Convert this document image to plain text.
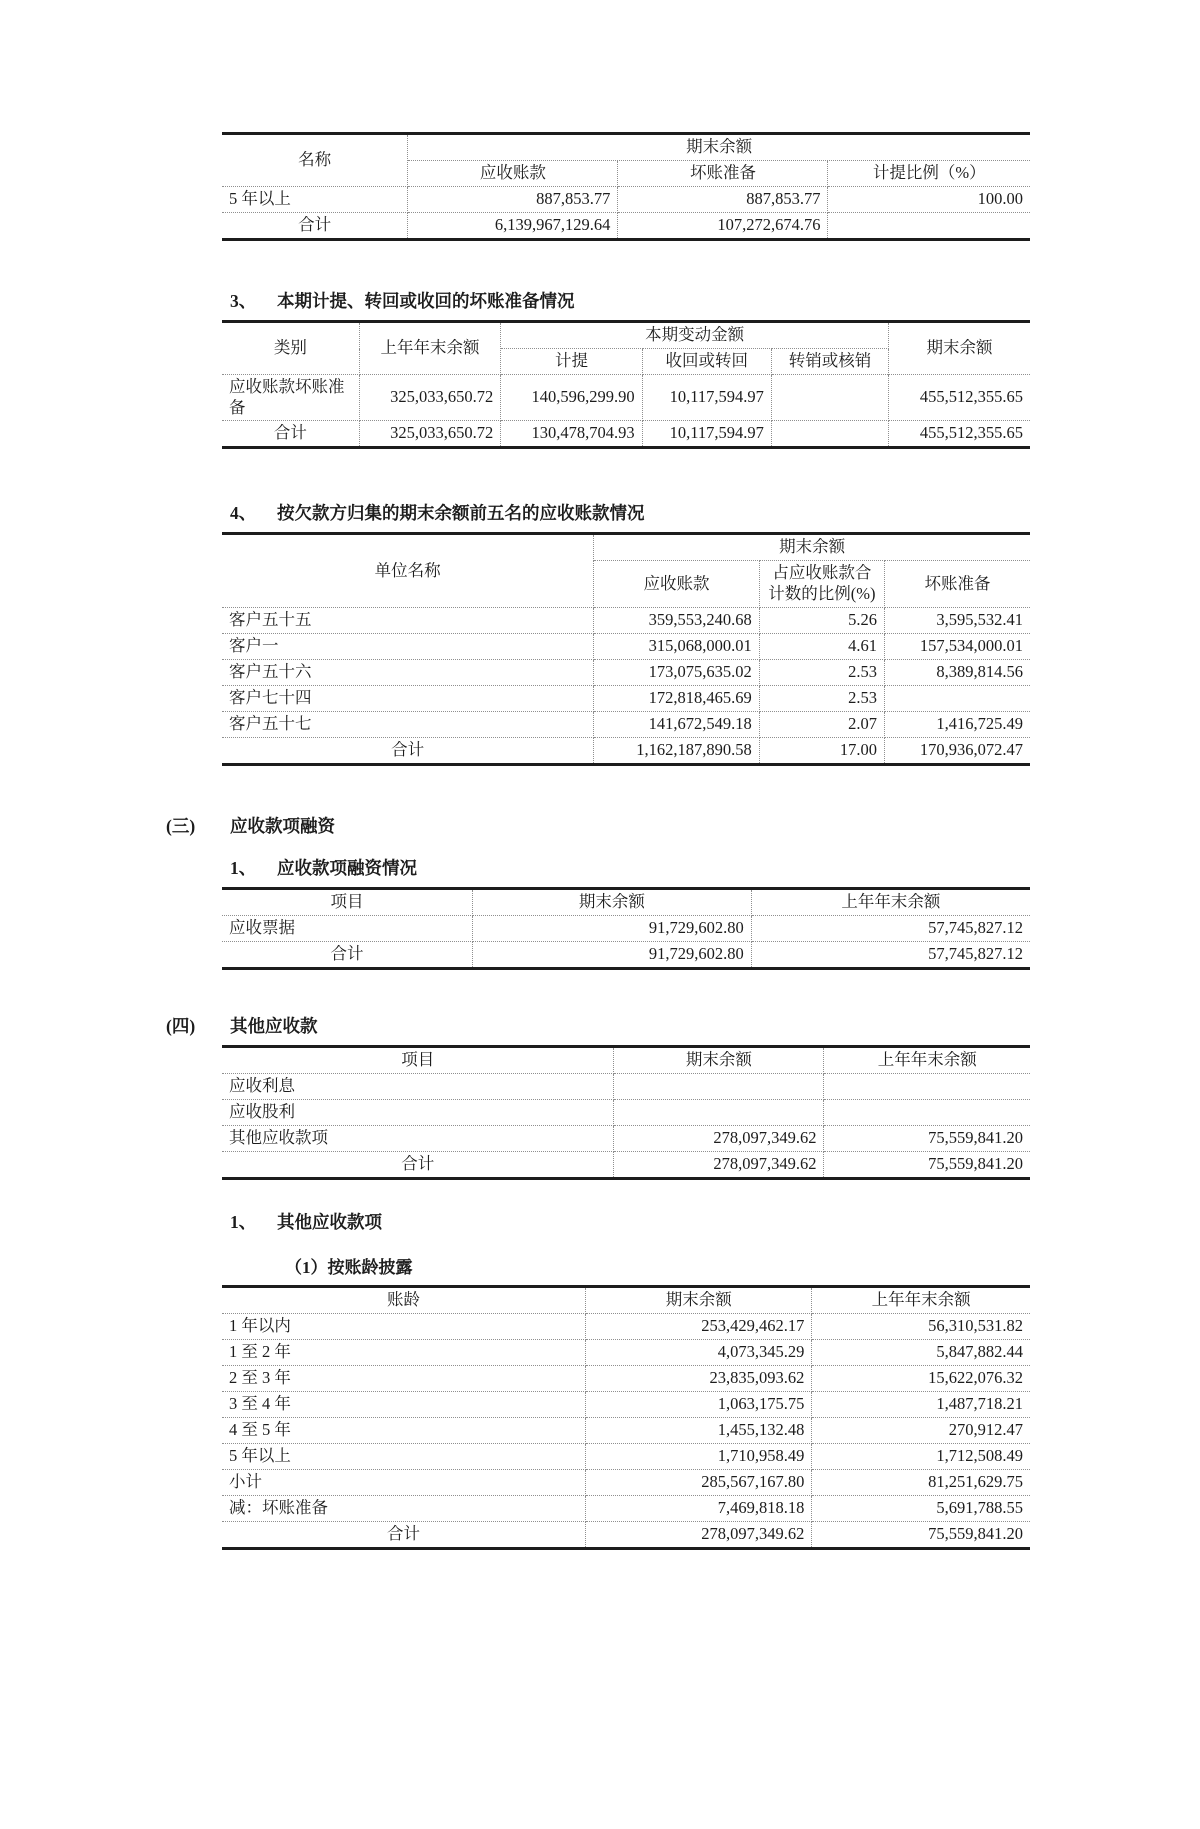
名称	期末余额		
	应收账款	坏账准备	计提比例（%）
5 年以上	887,853.77	887,853.77	100.00
合计	6,139,967,129.64	107,272,674.76	
3、 本期计提、转回或收回的坏账准备情况
类别	上年年末余额	本期变动金额			期末余额
		计提	收回或转回	转销或核销	
应收账款坏账准备	325,033,650.72	140,596,299.90	10,117,594.97		455,512,355.65
合计	325,033,650.72	130,478,704.93	10,117,594.97		455,512,355.65
4、 按欠款方归集的期末余额前五名的应收账款情况
单位名称	期末余额		
	应收账款	占应收账款合计数的比例(%)	坏账准备
客户五十五	359,553,240.68	5.26	3,595,532.41
客户一	315,068,000.01	4.61	157,534,000.01
客户五十六	173,075,635.02	2.53	8,389,814.56
客户七十四	172,818,465.69	2.53	
客户五十七	141,672,549.18	2.07	1,416,725.49
合计	1,162,187,890.58	17.00	170,936,072.47
(三) 应收款项融资
1、 应收款项融资情况
项目	期末余额	上年年末余额
应收票据	91,729,602.80	57,745,827.12
合计	91,729,602.80	57,745,827.12
(四) 其他应收款
项目	期末余额	上年年末余额
应收利息		
应收股利		
其他应收款项	278,097,349.62	75,559,841.20
合计	278,097,349.62	75,559,841.20
1、 其他应收款项
（1）按账龄披露
账龄	期末余额	上年年末余额
1 年以内	253,429,462.17	56,310,531.82
1 至 2 年	4,073,345.29	5,847,882.44
2 至 3 年	23,835,093.62	15,622,076.32
3 至 4 年	1,063,175.75	1,487,718.21
4 至 5 年	1,455,132.48	270,912.47
5 年以上	1,710,958.49	1,712,508.49
小计	285,567,167.80	81,251,629.75
减：坏账准备	7,469,818.18	5,691,788.55
合计	278,097,349.62	75,559,841.20
